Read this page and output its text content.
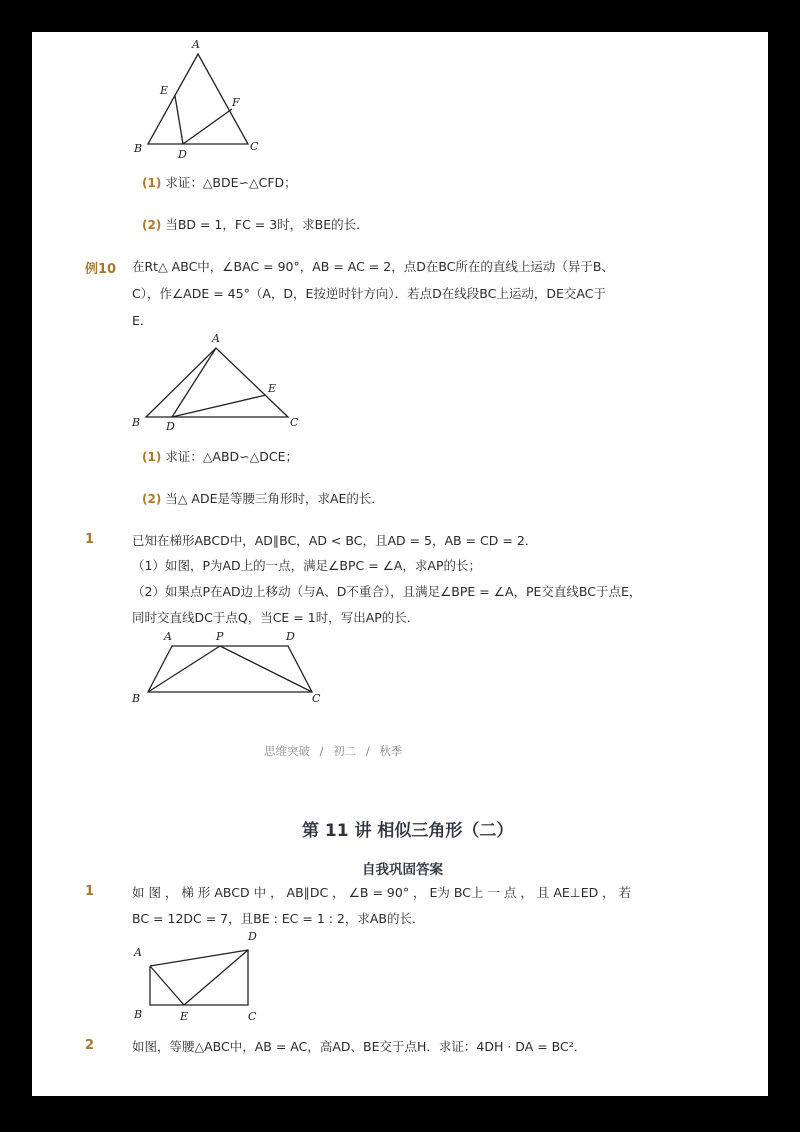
A
E
F
B	D
C
(1) 求证：△BDE∽△CFD；
(2) 当BD = 1，FC = 3时，求BE的长．
例10 在Rt△ ABC中，∠BAC = 90°，AB = AC = 2，点D在BC所在的直线上运动（异于B、
C），作∠ADE = 45°（A，D，E按逆时针方向）．若点D在线段BC上运动，DE交AC于
E．
A
E
B D	C
(1) 求证：△ABD∽△DCE；
(2) 当△ ADE是等腰三角形时，求AE的长．
1	已知在梯形ABCD中，AD∥BC，AD < BC，且AD = 5，AB = CD = 2．
（1）如图，P为AD上的一点，满足∠BPC = ∠A，求AP的长；
（2）如果点P在AD边上移动（与A、D不重合），且满足∠BPE = ∠A，PE交直线BC于点E，
同时交直线DC于点Q，当CE = 1时，写出AP的长．
A	P	D
B	C
思维突破 / 初二 / 秋季
第 11 讲 相似三角形（二）
自我巩固答案
1	如 图 ， 梯 形 ABCD 中 ， AB∥DC ， ∠B = 90° ， E为 BC上 一 点 ， 且 AE⊥ED ， 若
BC = 12DC = 7，且BE : EC = 1 : 2，求AB的长．
A
D
B	E	C
2	如图，等腰△ABC中，AB = AC，高AD、BE交于点H．求证：4DH · DA = BC²．
